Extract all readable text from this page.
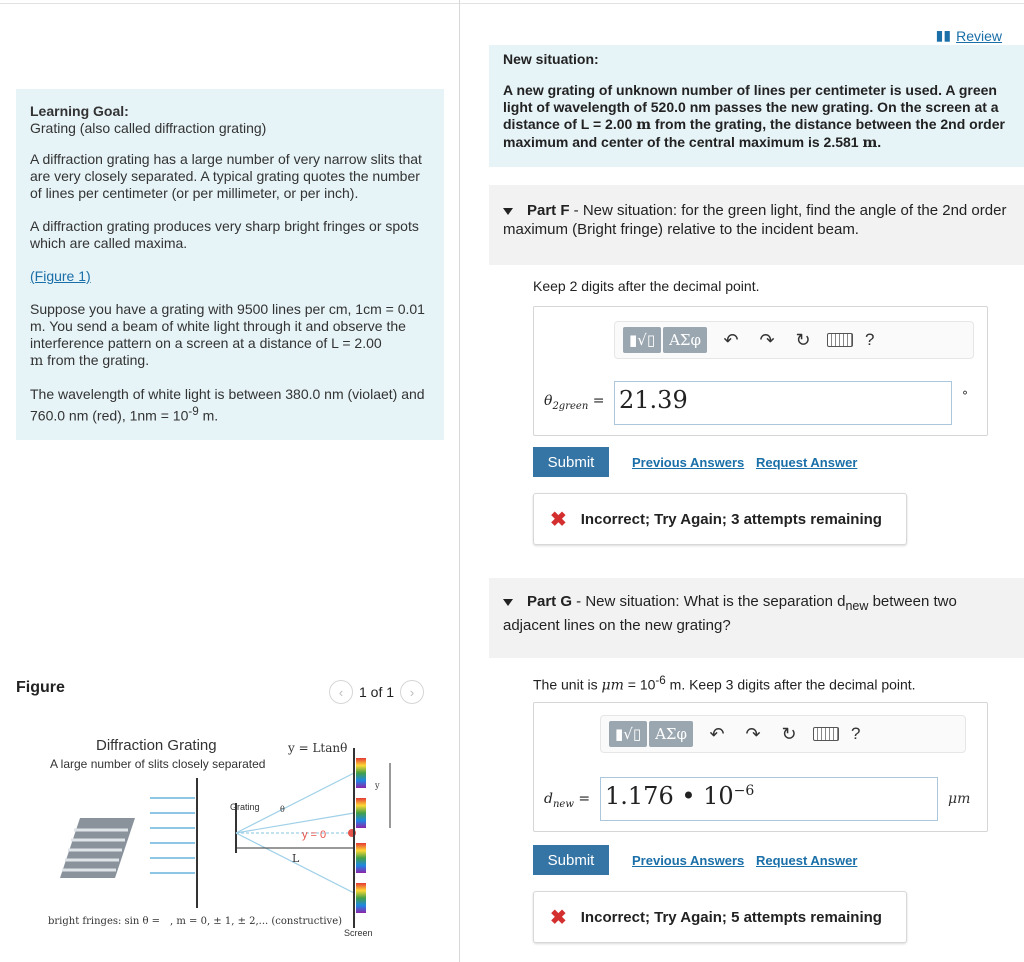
Learning Goal:

Grating (also called diffraction grating)

A diffraction grating has a large number of very narrow slits that are very closely separated. A typical grating quotes the number of lines per centimeter (or per millimeter, or per inch).

A diffraction grating produces very sharp bright fringes or spots which are called maxima.

(Figure 1)

Suppose you have a grating with 9500 lines per cm, 1cm = 0.01 m. You send a beam of white light through it and observe the interference pattern on a screen at a distance of L = 2.00
m from the grating.

The wavelength of white light is between 380.0 nm (violaet) and 760.0 nm (red), $1nm = 10^{-9}$ m.

Figure	‹	1 of 1	›
Diffraction Grating
A large number of slits closely separated
y = Ltanθ
Grating	θ
y = 0
L
y
bright fringes: sin θ = , m = 0, ± 1, ± 2,... (constructive)
Screen
▮▮ Review

New situation:

A new grating of unknown number of lines per centimeter is used. A green light of wavelength of 520.0 nm passes the new grating. On the screen at a distance of L = 2.00 m from the grating, the distance between the 2nd order maximum and center of the central maximum is 2.581 m.

Part F - New situation: for the green light, find the angle of the 2nd order maximum (Bright fringe) relative to the incident beam.
Keep 2 digits after the decimal point.
▮√▯ ΑΣφ	↶ ↷ ↻	?
$\theta_{2green} = 21.39$	°
Submit	Previous Answers Request Answer
✖ Incorrect; Try Again; 3 attempts remaining
Part G - New situation: What is the separation $d_{new}$ between two adjacent lines on the new grating?
The unit is $\mu m = 10^{-6}$ m. Keep 3 digits after the decimal point.
▮√▯ ΑΣφ	↶ ↷ ↻	?
$d_{new} = 1.176$ • $10^{-6}$	μm
Submit	Previous Answers Request Answer
✖ Incorrect; Try Again; 5 attempts remaining
